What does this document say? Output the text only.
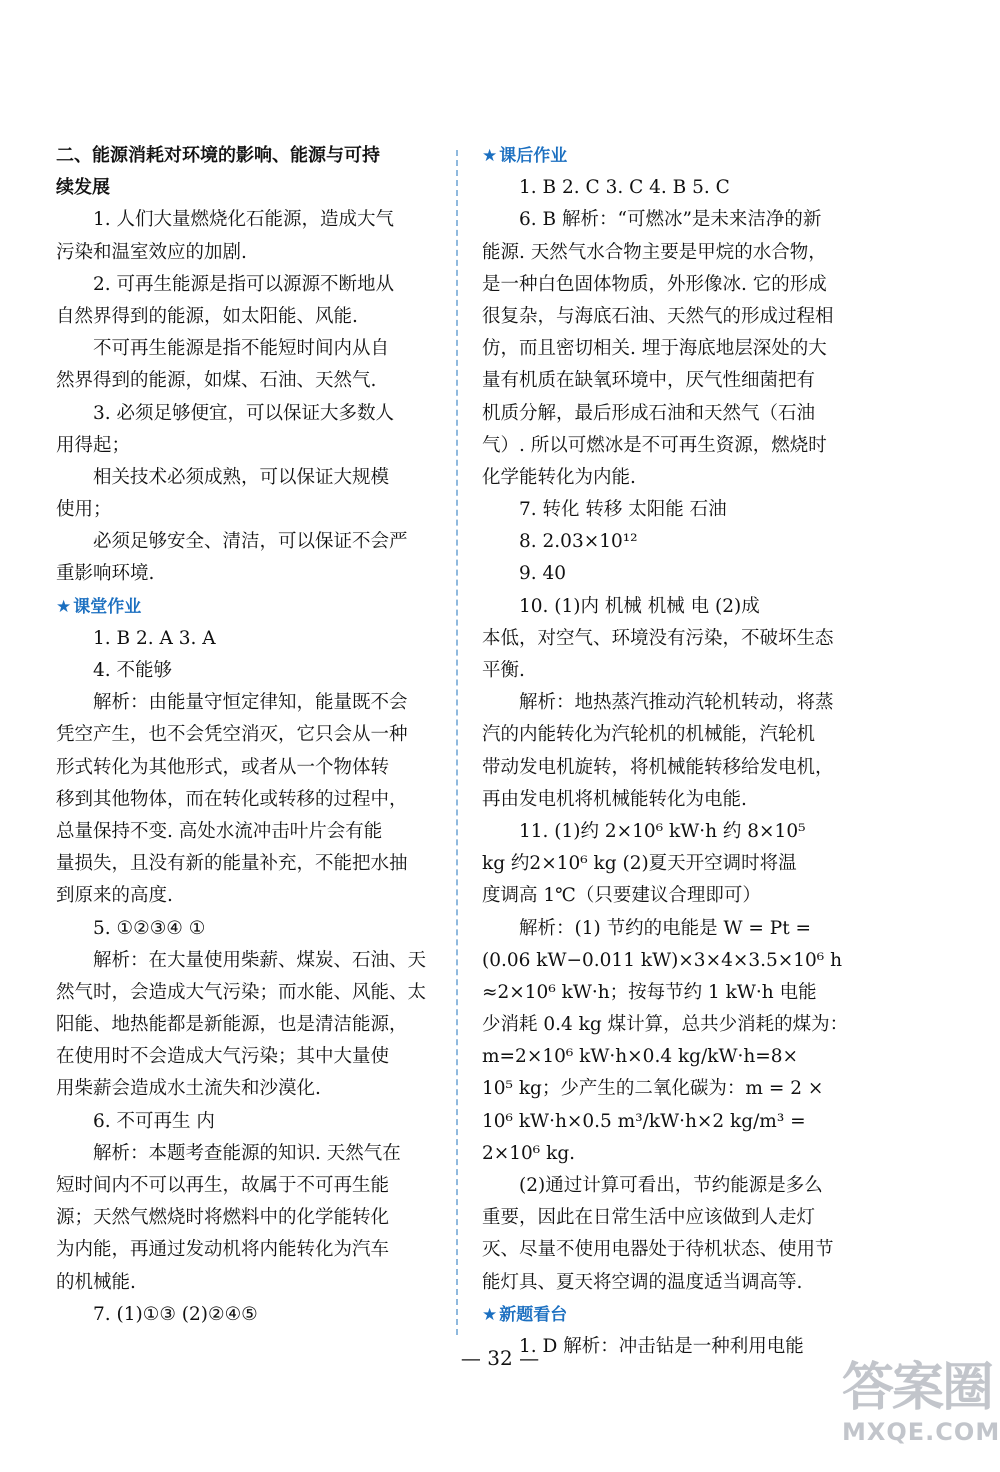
二、能源消耗对环境的影响、能源与可持
续发展
1. 人们大量燃烧化石能源，造成大气
污染和温室效应的加剧.
2. 可再生能源是指可以源源不断地从
自然界得到的能源，如太阳能、风能.
不可再生能源是指不能短时间内从自
然界得到的能源，如煤、石油、天然气.
3. 必须足够便宜，可以保证大多数人
用得起；
相关技术必须成熟，可以保证大规模
使用；
必须足够安全、清洁，可以保证不会严
重影响环境.
★ 课堂作业
1. B 2. A 3. A
4. 不能够
解析：由能量守恒定律知，能量既不会
凭空产生，也不会凭空消灭，它只会从一种
形式转化为其他形式，或者从一个物体转
移到其他物体，而在转化或转移的过程中，
总量保持不变. 高处水流冲击叶片会有能
量损失，且没有新的能量补充，不能把水抽
到原来的高度.
5. ①②③④ ①
解析：在大量使用柴薪、煤炭、石油、天
然气时，会造成大气污染；而水能、风能、太
阳能、地热能都是新能源，也是清洁能源，
在使用时不会造成大气污染；其中大量使
用柴薪会造成水土流失和沙漠化.
6. 不可再生 内
解析：本题考查能源的知识. 天然气在
短时间内不可以再生，故属于不可再生能
源；天然气燃烧时将燃料中的化学能转化
为内能，再通过发动机将内能转化为汽车
的机械能.
7. (1)①③ (2)②④⑤
★ 课后作业
1. B 2. C 3. C 4. B 5. C
6. B 解析：“可燃冰”是未来洁净的新
能源. 天然气水合物主要是甲烷的水合物，
是一种白色固体物质，外形像冰. 它的形成
很复杂，与海底石油、天然气的形成过程相
仿，而且密切相关. 埋于海底地层深处的大
量有机质在缺氧环境中，厌气性细菌把有
机质分解，最后形成石油和天然气（石油
气）. 所以可燃冰是不可再生资源，燃烧时
化学能转化为内能.
7. 转化 转移 太阳能 石油
8. 2.03×10¹²
9. 40
10. (1)内 机械 机械 电 (2)成
本低，对空气、环境没有污染，不破坏生态
平衡.
解析：地热蒸汽推动汽轮机转动，将蒸
汽的内能转化为汽轮机的机械能，汽轮机
带动发电机旋转，将机械能转移给发电机，
再由发电机将机械能转化为电能.
11. (1)约 2×10⁶ kW·h 约 8×10⁵
kg 约2×10⁶ kg (2)夏天开空调时将温
度调高 1℃（只要建议合理即可）
解析：(1) 节约的电能是 W = Pt =
(0.06 kW−0.011 kW)×3×4×3.5×10⁶ h
≈2×10⁶ kW·h；按每节约 1 kW·h 电能
少消耗 0.4 kg 煤计算，总共少消耗的煤为：
m=2×10⁶ kW·h×0.4 kg/kW·h=8×
10⁵ kg；少产生的二氧化碳为：m = 2 ×
10⁶ kW·h×0.5 m³/kW·h×2 kg/m³ =
2×10⁶ kg.
(2)通过计算可看出，节约能源是多么
重要，因此在日常生活中应该做到人走灯
灭、尽量不使用电器处于待机状态、使用节
能灯具、夏天将空调的温度适当调高等.
★ 新题看台
1. D 解析：冲击钻是一种利用电能
— 32 —	答案圈
MXQE.COM
